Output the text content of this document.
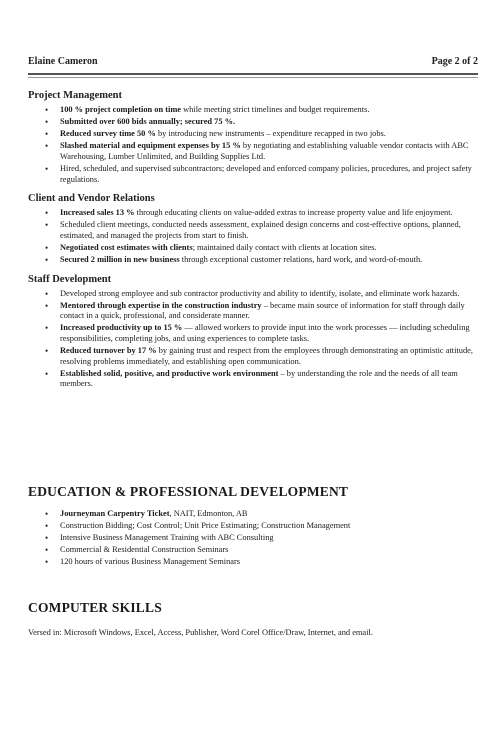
Elaine Cameron	Page 2 of 2
Project Management
• 100 % project completion on time while meeting strict timelines and budget requirements.
• Submitted over 600 bids annually; secured 75 %.
• Reduced survey time 50 % by introducing new instruments – expenditure recapped in two jobs.
• Slashed material and equipment expenses by 15 % by negotiating and establishing valuable vendor contacts with ABC Warehousing, Lumber Unlimited, and Building Supplies Ltd.
• Hired, scheduled, and supervised subcontractors; developed and enforced company policies, procedures, and project safety regulations.
Client and Vendor Relations
• Increased sales 13 % through educating clients on value-added extras to increase property value and life enjoyment.
• Scheduled client meetings, conducted needs assessment, explained design concerns and cost-effective options, planned, estimated, and managed the projects from start to finish.
• Negotiated cost estimates with clients; maintained daily contact with clients at location sites.
• Secured 2 million in new business through exceptional customer relations, hard work, and word-of-mouth.
Staff Development
• Developed strong employee and sub contractor productivity and ability to identify, isolate, and eliminate work hazards.
• Mentored through expertise in the construction industry – became main source of information for staff through daily contact in a quick, professional, and considerate manner.
• Increased productivity up to 15 % — allowed workers to provide input into the work processes — including scheduling responsibilities, completing jobs, and using experiences to complete tasks.
• Reduced turnover by 17 % by gaining trust and respect from the employees through demonstrating an optimistic attitude, resolving problems immediately, and establishing open communication.
• Established solid, positive, and productive work environment – by understanding the role and the needs of all team members.
EDUCATION & PROFESSIONAL DEVELOPMENT
• Journeyman Carpentry Ticket, NAIT, Edmonton, AB
• Construction Bidding; Cost Control; Unit Price Estimating; Construction Management
• Intensive Business Management Training with ABC Consulting
• Commercial & Residential Construction Seminars
• 120 hours of various Business Management Seminars
COMPUTER SKILLS
Versed in: Microsoft Windows, Excel, Access, Publisher, Word Corel Office/Draw, Internet, and email.
